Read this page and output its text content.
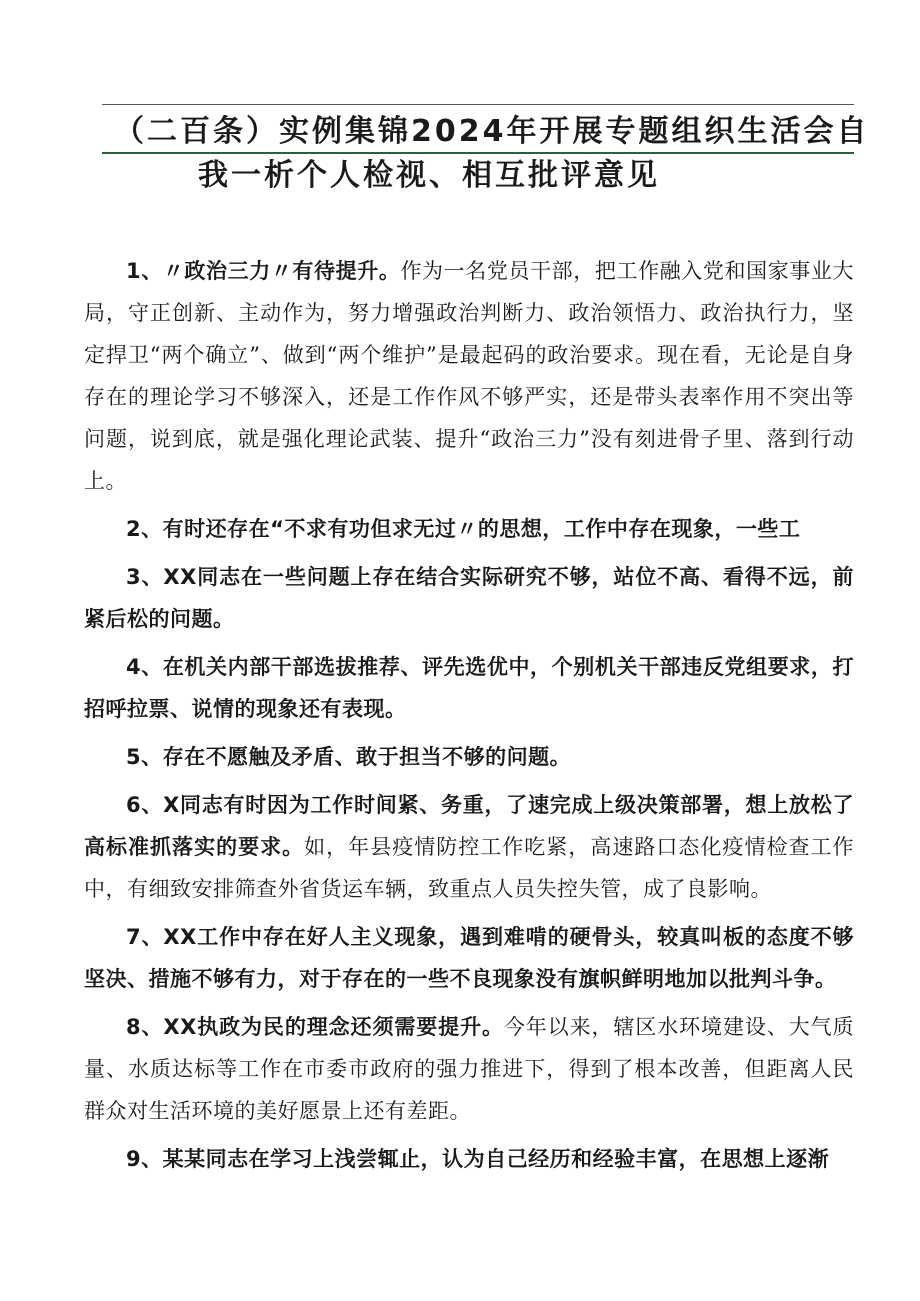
（二百条）实例集锦2024年开展专题组织生活会自
我一析个人检视、相互批评意见

1、〃政治三力〃有待提升。作为一名党员干部，把工作融入党和国家事业大局，守正创新、主动作为，努力增强政治判断力、政治领悟力、政治执行力，坚定捍卫“两个确立”、做到“两个维护”是最起码的政治要求。现在看，无论是自身存在的理论学习不够深入，还是工作作风不够严实，还是带头表率作用不突出等问题，说到底，就是强化理论武装、提升“政治三力”没有刻进骨子里、落到行动上。

2、有时还存在“不求有功但求无过〃的思想，工作中存在现象，一些工

3、XX同志在一些问题上存在结合实际研究不够，站位不高、看得不远，前紧后松的问题。

4、在机关内部干部选拔推荐、评先选优中，个别机关干部违反党组要求，打招呼拉票、说情的现象还有表现。

5、存在不愿触及矛盾、敢于担当不够的问题。

6、X同志有时因为工作时间紧、务重，了速完成上级决策部署，想上放松了高标准抓落实的要求。如，年县疫情防控工作吃紧，高速路口态化疫情检查工作中，有细致安排筛查外省货运车辆，致重点人员失控失管，成了良影响。

7、XX工作中存在好人主义现象，遇到难啃的硬骨头，较真叫板的态度不够坚决、措施不够有力，对于存在的一些不良现象没有旗帜鲜明地加以批判斗争。

8、XX执政为民的理念还须需要提升。今年以来，辖区水环境建设、大气质量、水质达标等工作在市委市政府的强力推进下，得到了根本改善，但距离人民群众对生活环境的美好愿景上还有差距。

9、某某同志在学习上浅尝辄止，认为自己经历和经验丰富，在思想上逐渐
